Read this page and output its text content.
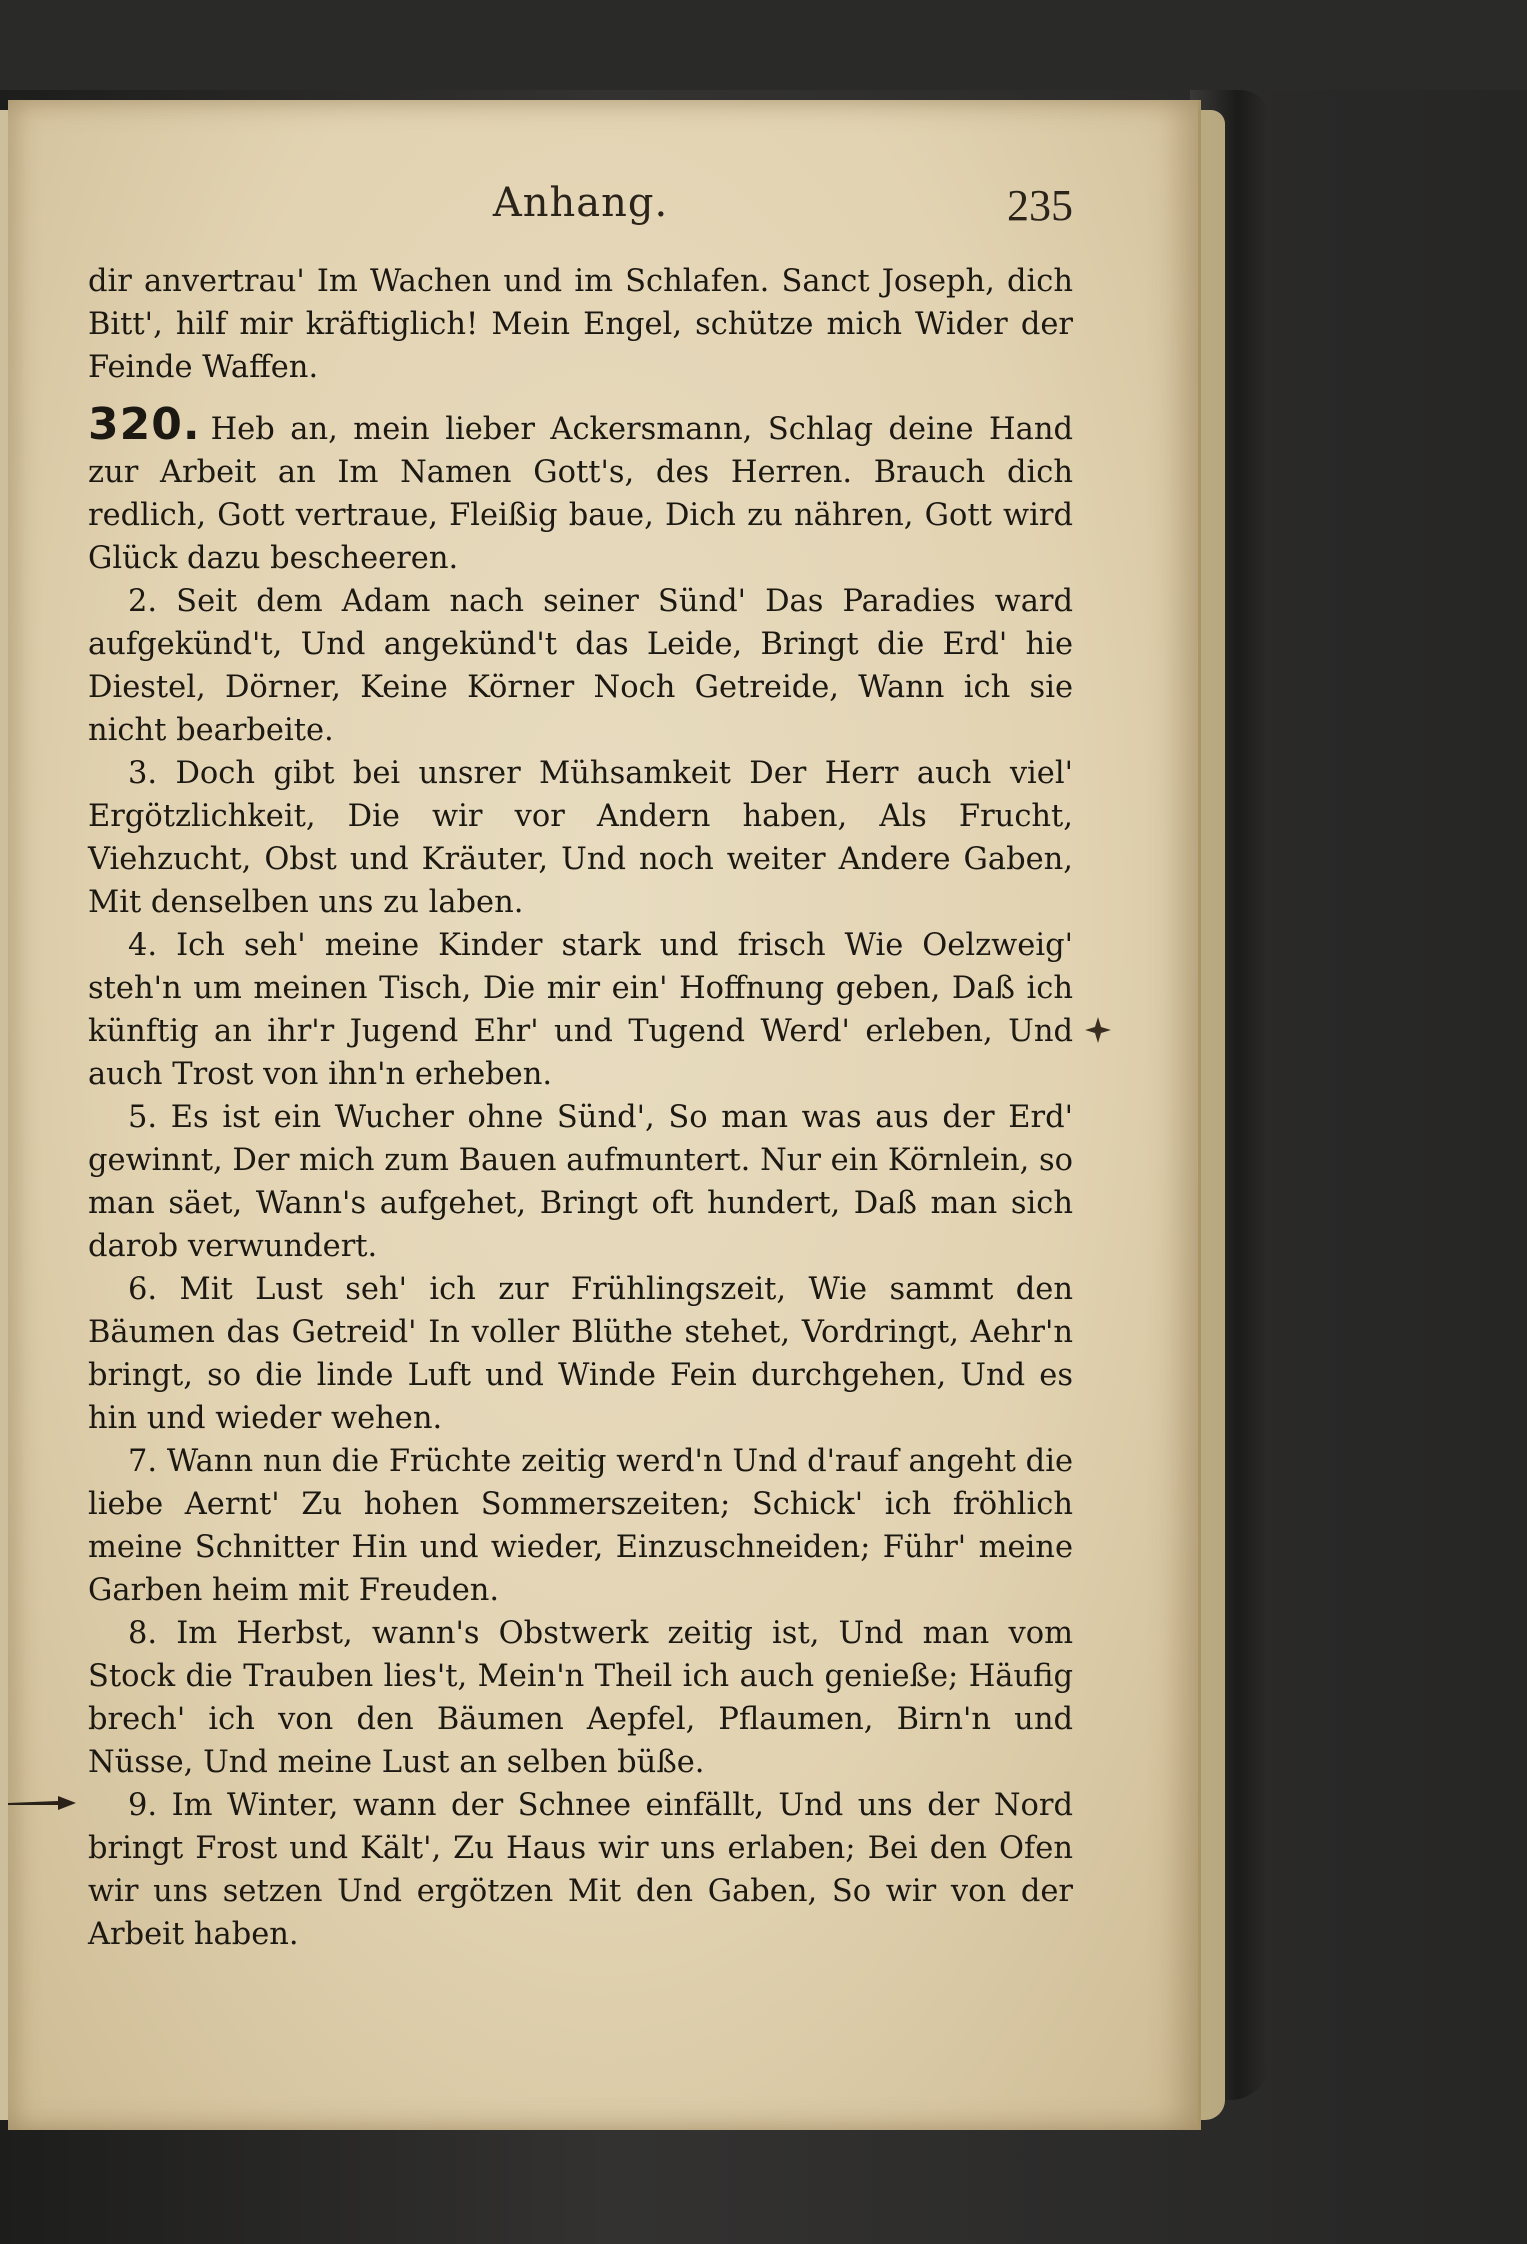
Anhang.	235

dir anvertrau' Im Wachen und im Schlafen. Sanct Joseph, dich Bitt', hilf mir kräftiglich! Mein Engel, schütze mich Wider der Feinde Waffen.

320. Heb an, mein lieber Ackersmann, Schlag deine Hand zur Arbeit an Im Namen Gott's, des Herren. Brauch dich redlich, Gott vertraue, Fleißig baue, Dich zu nähren, Gott wird Glück dazu bescheeren.

2. Seit dem Adam nach seiner Sünd' Das Paradies ward aufgekünd't, Und angekünd't das Leide, Bringt die Erd' hie Diestel, Dörner, Keine Körner Noch Getreide, Wann ich sie nicht bearbeite.

3. Doch gibt bei unsrer Mühsamkeit Der Herr auch viel' Ergötzlichkeit, Die wir vor Andern haben, Als Frucht, Viehzucht, Obst und Kräuter, Und noch weiter Andere Gaben, Mit denselben uns zu laben.

4. Ich seh' meine Kinder stark und frisch Wie Oelzweig' steh'n um meinen Tisch, Die mir ein' Hoffnung geben, Daß ich künftig an ihr'r Jugend Ehr' und Tugend Werd' erleben, Und auch Trost von ihn'n erheben.

5. Es ist ein Wucher ohne Sünd', So man was aus der Erd' gewinnt, Der mich zum Bauen aufmuntert. Nur ein Körnlein, so man säet, Wann's aufgehet, Bringt oft hundert, Daß man sich darob verwundert.

6. Mit Lust seh' ich zur Frühlingszeit, Wie sammt den Bäumen das Getreid' In voller Blüthe stehet, Vordringt, Aehr'n bringt, so die linde Luft und Winde Fein durchgehen, Und es hin und wieder wehen.

7. Wann nun die Früchte zeitig werd'n Und d'rauf angeht die liebe Aernt' Zu hohen Sommerszeiten; Schick' ich fröhlich meine Schnitter Hin und wieder, Einzuschneiden; Führ' meine Garben heim mit Freuden.

8. Im Herbst, wann's Obstwerk zeitig ist, Und man vom Stock die Trauben lies't, Mein'n Theil ich auch genieße; Häufig brech' ich von den Bäumen Aepfel, Pflaumen, Birn'n und Nüsse, Und meine Lust an selben büße.

9. Im Winter, wann der Schnee einfällt, Und uns der Nord bringt Frost und Kält', Zu Haus wir uns erlaben; Bei den Ofen wir uns setzen Und ergötzen Mit den Gaben, So wir von der Arbeit haben.
